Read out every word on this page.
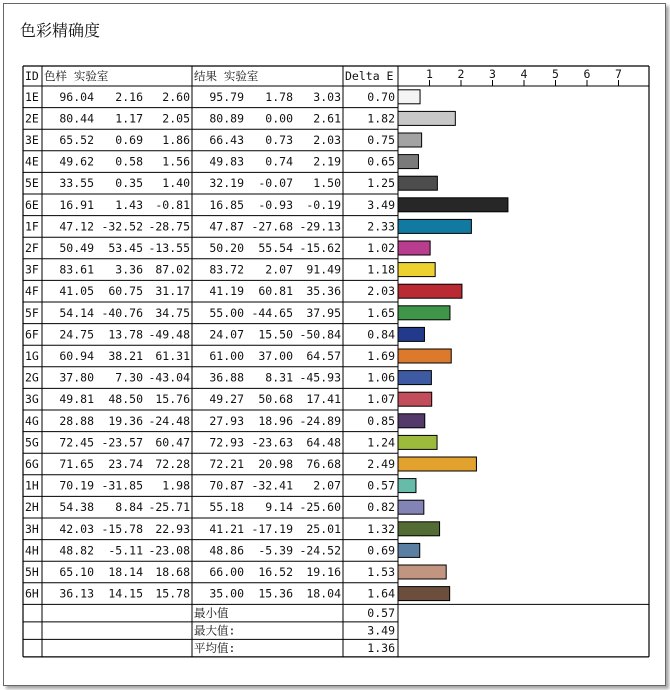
色彩精确度
ID 色样 实验室	结果 实验室	Delta E	1 2 3 4 5 6 7
1E 96.04 2.16 2.60 95.79 1.78 3.03 0.70
2E 80.44 1.17 2.05 80.89 0.00 2.61 1.82
3E 65.52 0.69 1.86 66.43 0.73 2.03 0.75
4E 49.62 0.58 1.56 49.83 0.74 2.19 0.65
5E 33.55 0.35 1.40 32.19 -0.07 1.50 1.25
6E 16.91 1.43 -0.81 16.85 -0.93 -0.19 3.49
1F 47.12 -32.52 -28.75 47.87 -27.68 -29.13 2.33
2F 50.49 53.45 -13.55 50.20 55.54 -15.62 1.02
3F 83.61 3.36 87.02 83.72 2.07 91.49 1.18
4F 41.05 60.75 31.17 41.19 60.81 35.36 2.03
5F 54.14 -40.76 34.75 55.00 -44.65 37.95 1.65
6F 24.75 13.78 -49.48 24.07 15.50 -50.84 0.84
1G 60.94 38.21 61.31 61.00 37.00 64.57 1.69
2G 37.80 7.30 -43.04 36.88 8.31 -45.93 1.06
3G 49.81 48.50 15.76 49.27 50.68 17.41 1.07
4G 28.88 19.36 -24.48 27.93 18.96 -24.89 0.85
5G 72.45 -23.57 60.47 72.93 -23.63 64.48 1.24
6G 71.65 23.74 72.28 72.21 20.98 76.68 2.49
1H 70.19 -31.85 1.98 70.87 -32.41 2.07 0.57
2H 54.38 8.84 -25.71 55.18 9.14 -25.60 0.82
3H 42.03 -15.78 22.93 41.21 -17.19 25.01 1.32
4H 48.82 -5.11 -23.08 48.86 -5.39 -24.52 0.69
5H 65.10 18.14 18.68 66.00 16.52 19.16 1.53
6H 36.13 14.15 15.78 35.00 15.36 18.04 1.64
最小值	0.57
最大值:	3.49
平均值:	1.36
